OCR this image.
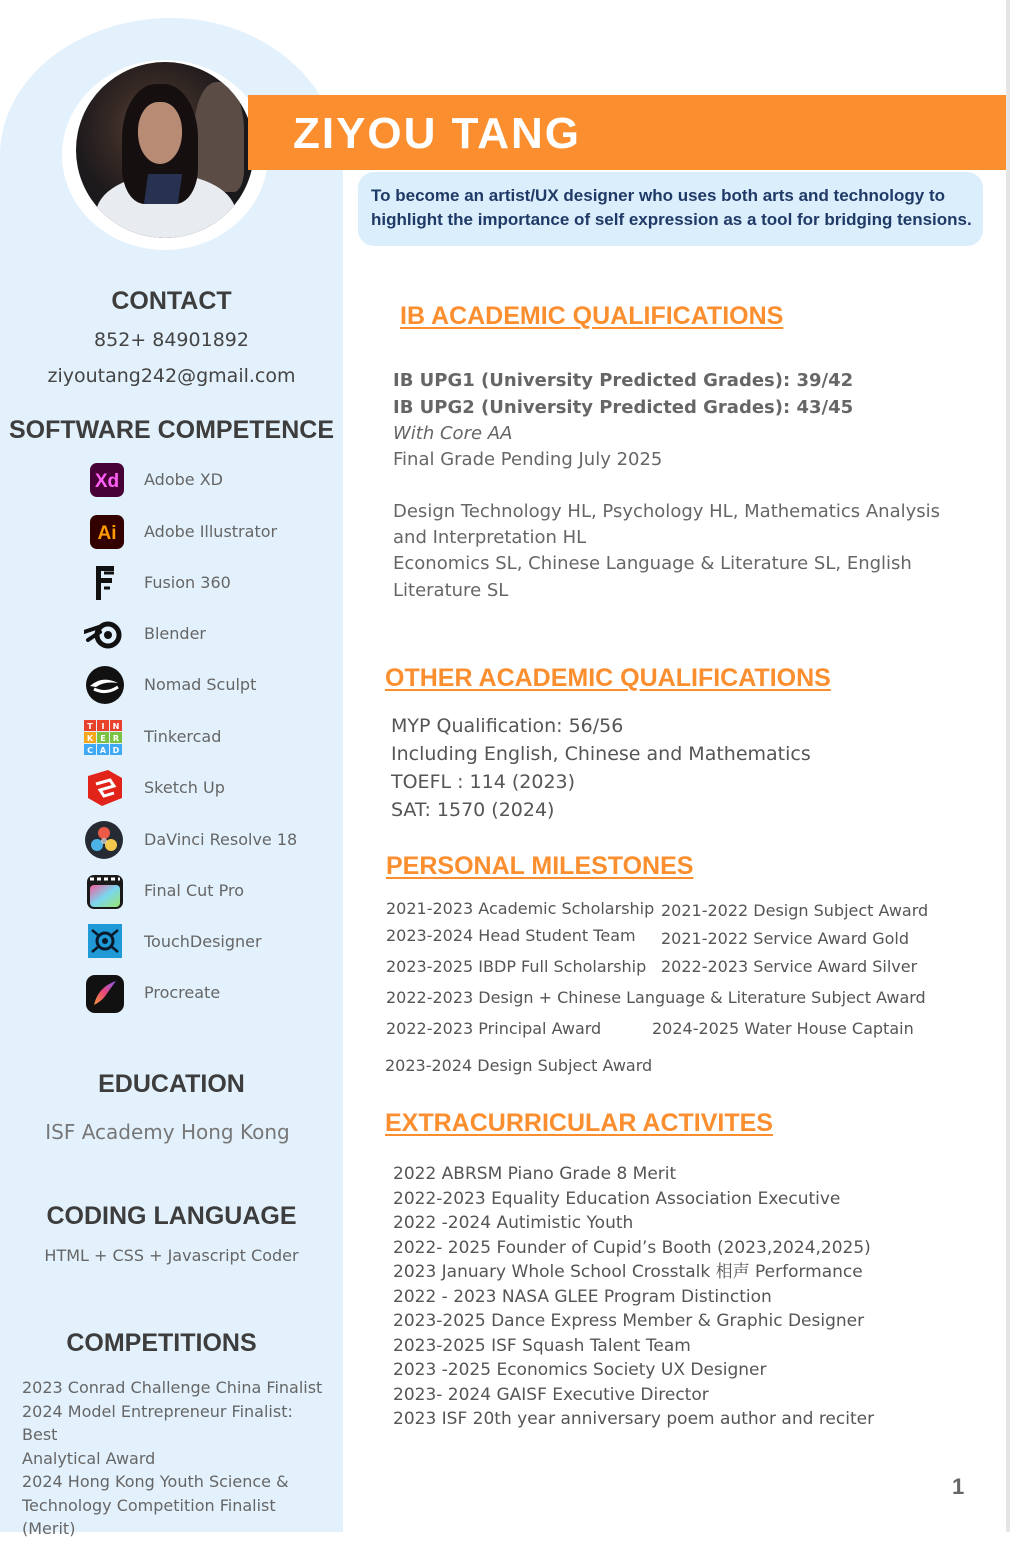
CONTACT
852+ 84901892
ziyoutang242@gmail.com
SOFTWARE COMPETENCE
Xd Adobe XD
Ai Adobe Illustrator
Fusion 360
Blender
Nomad Sculpt
T I N
K E R
C A D
Tinkercad
Sketch Up
DaVinci Resolve 18
Final Cut Pro
TouchDesigner
Procreate
EDUCATION
ISF Academy Hong Kong
CODING LANGUAGE
HTML + CSS + Javascript Coder
COMPETITIONS
2023 Conrad Challenge China Finalist
2024 Model Entrepreneur Finalist: Best
Analytical Award
2024 Hong Kong Youth Science &
Technology Competition Finalist (Merit)
ZIYOU TANG
To become an artist/UX designer who uses both arts and technology to highlight the importance of self expression as a tool for bridging tensions.
IB ACADEMIC QUALIFICATIONS
IB UPG1 (University Predicted Grades): 39/42
IB UPG2 (University Predicted Grades): 43/45
With Core AA
Final Grade Pending July 2025
Design Technology HL, Psychology HL, Mathematics Analysis
and Interpretation HL
Economics SL, Chinese Language & Literature SL, English
Literature SL
OTHER ACADEMIC QUALIFICATIONS
MYP Qualification: 56/56
Including English, Chinese and Mathematics
TOEFL : 114 (2023)
SAT: 1570 (2024)
PERSONAL MILESTONES
2021-2023 Academic Scholarship 2021-2022 Design Subject Award
2023-2024 Head Student Team 2021-2022 Service Award Gold
2023-2025 IBDP Full Scholarship 2022-2023 Service Award Silver
2022-2023 Design + Chinese Language & Literature Subject Award
2022-2023 Principal Award	2024-2025 Water House Captain
2023-2024 Design Subject Award
EXTRACURRICULAR ACTIVITES
2022 ABRSM Piano Grade 8 Merit
2022-2023 Equality Education Association Executive
2022 -2024 Autimistic Youth
2022- 2025 Founder of Cupid’s Booth (2023,2024,2025)
2023 January Whole School Crosstalk 相声 Performance
2022 - 2023 NASA GLEE Program Distinction
2023-2025 Dance Express Member & Graphic Designer
2023-2025 ISF Squash Talent Team
2023 -2025 Economics Society UX Designer
2023- 2024 GAISF Executive Director
2023 ISF 20th year anniversary poem author and reciter
1
